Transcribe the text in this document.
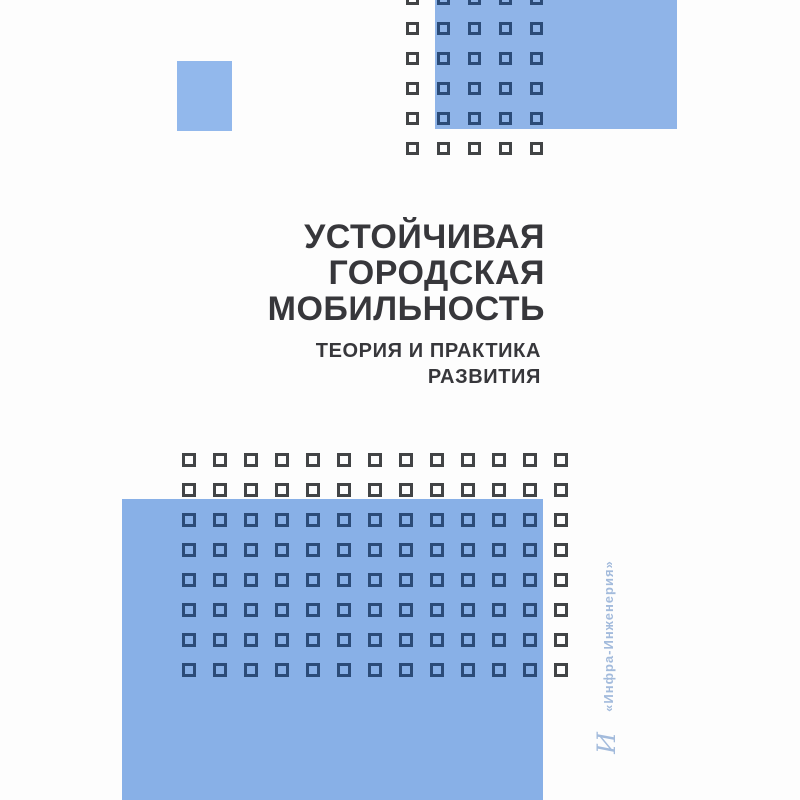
УСТОЙЧИВАЯ
ГОРОДСКАЯ
МОБИЛЬНОСТЬ
ТЕОРИЯ И ПРАКТИКА
РАЗВИТИЯ
«Инфра-Инженерия»
И
